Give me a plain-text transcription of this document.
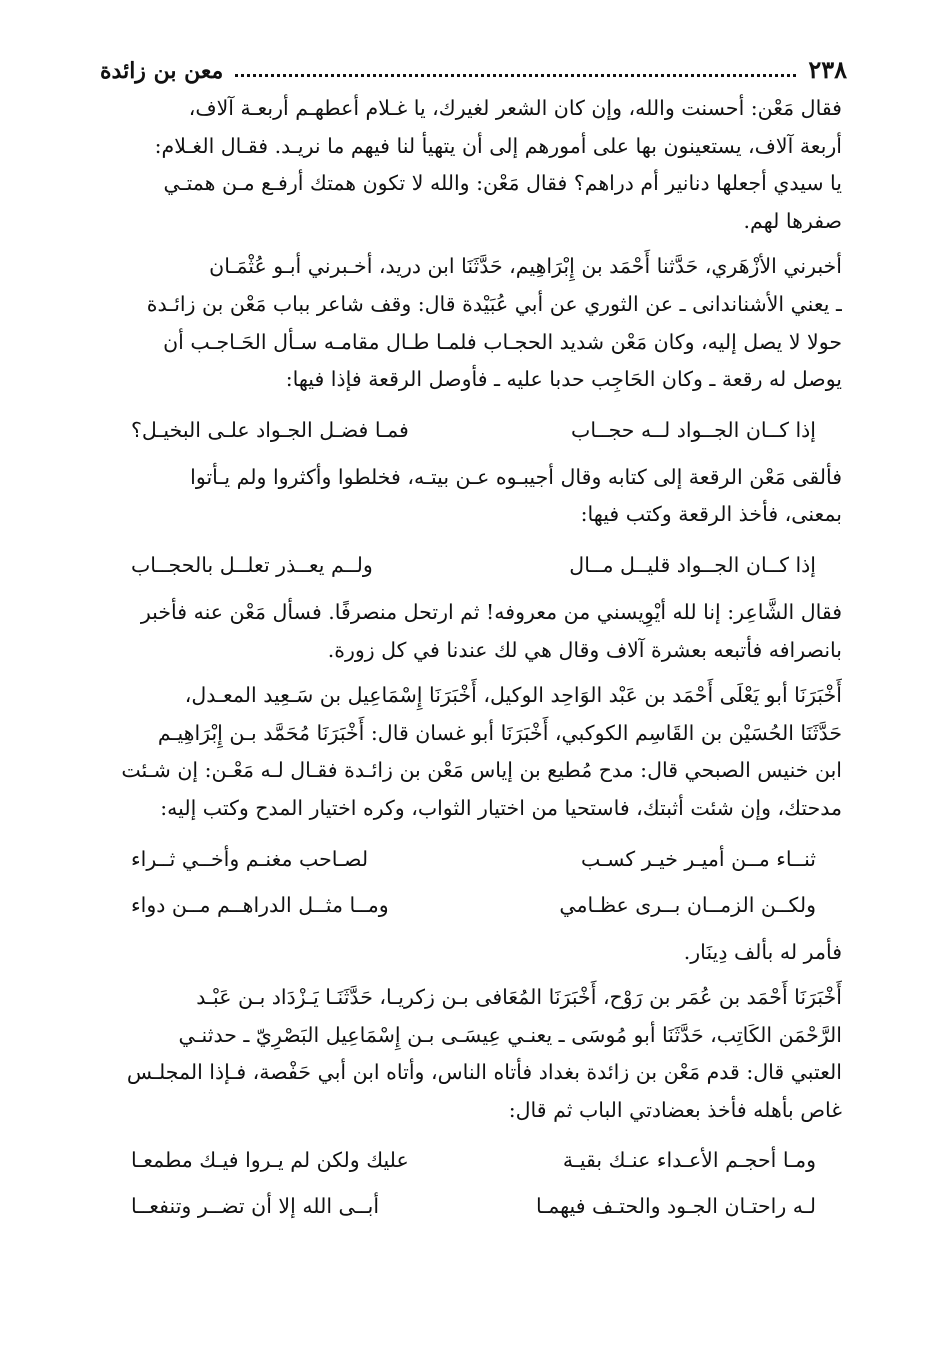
٢٣٨
معن بن زائدة
فقال مَعْن: أحسنت والله، وإن كان الشعر لغيرك، يا غـلام أعطهـم أربعـة آلاف،
أربعة آلاف، يستعينون بها على أمورهم إلى أن يتهيأ لنا فيهم ما نريـد. فقـال الغـلام:
يا سيدي أجعلها دنانير أم دراهم؟ فقال مَعْن: والله لا تكون همتك أرفـع مـن همتـي
صفرها لهم.
أخبرني الأزْهَري، حَدَّثنا أَحْمَد بن إِبْرَاهِيم، حَدَّثَنَا ابن دريد، أخـبرني أبـو عُثْمَـان
ـ يعني الأشناندانى ـ عن الثوري عن أبي عُبَيْدة قال: وقف شاعر بباب مَعْن بن زائـدة
حولا لا يصل إليه، وكان مَعْن شديد الحجـاب فلمـا طـال مقامـه سـأل الحَـاجـب أن
يوصل له رقعة ـ وكان الحَاجِب حدبا عليه ـ فأوصل الرقعة فإذا فيها:
إذا كــان الجــواد لــه حجــاب
فمـا فضـل الجـواد علـى البخيـل؟
فألقى مَعْن الرقعة إلى كتابه وقال أجيبـوه عـن بيتـه، فخلطوا وأكثروا ولم يـأتوا
بمعنى، فأخذ الرقعة وكتب فيها:
إذا كــان الجــواد قليــل مــال
ولــم يعــذر تعلــل بالحجــاب
فقال الشَّاعِر: إنا لله أيْوِيسني من معروفه! ثم ارتحل منصرفًا. فسأل مَعْن عنه فأخبر
بانصرافه فأتبعه بعشرة آلاف وقال هي لك عندنا في كل زورة.
أَخْبَرَنَا أبو يَعْلَى أَحْمَد بن عَبْد الوَاحِد الوكيل، أَخْبَرَنَا إِسْمَاعِيل بن سَـعِيد المعـدل،
حَدَّثَنَا الحُسَيْن بن القَاسِم الكوكبي، أَخْبَرَنَا أبو غسان قال: أَخْبَرَنَا مُحَمَّد بـن إِبْرَاهِيـم
ابن خنيس الصبحي قال: مدح مُطيع بن إياس مَعْن بن زائـدة فقـال لـه مَعْـن: إن شـئت
مدحتك، وإن شئت أثبتك، فاستحيا من اختيار الثواب، وكره اختيار المدح وكتب إليه:
ثنــاء مــن أميـر خيـر كسـب
لصـاحب مغنـم وأخــي ثــراء
ولكــن الزمــان بــرى عظـامي
ومــا مثــل الدراهــم مــن دواء
فأمر له بألف دِينَار.
أَخْبَرَنَا أَحْمَد بن عُمَر بن رَوْح، أَخْبَرَنَا المُعَافى بـن زكريـا، حَدَّثَنَـا يَـزْدَاد بـن عَبْـد
الرَّحْمَن الكَاتِب، حَدَّثَنَا أبو مُوسَى ـ يعنـي عِيسَـى بـن إِسْمَاعِيل البَصْرِيّ ـ حدثنـي
العتبي قال: قدم مَعْن بن زائدة بغداد فأتاه الناس، وأتاه ابن أبي حَفْصة، فـإذا المجلـس
غاص بأهله فأخذ بعضادتي الباب ثم قال:
ومـا أحجـم الأعـداء عنـك بقيـة
عليك ولكن لم يـروا فيـك مطمعـا
لـه راحتـان الجـود والحتـف فيهمـا
أبــى الله إلا أن تضــر وتنفعــا
